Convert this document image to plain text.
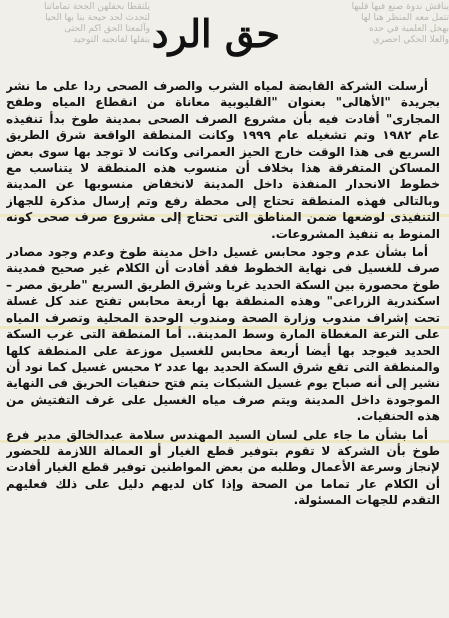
يلتقطا بحفلهن الجحة تماماتنا
لتحدث لحد حيحة بنا بها الحيا
وآلمعتا الحق اكم الحتى
بنقلها لفانجبه التوحيد
يناقش ندوة صنع فيها قليها
تتمل معه المنظر هنا لها
بهخل العلمية في حده
والعلا الحكي احصري
حق الرد

أرسلت الشركة القابضة لمياه الشرب والصرف الصحى ردا على ما نشر بجريدة "الأهالى" بعنوان "القليوبية معاناة من انقطاع المياه وطفح المجارى" أفادت فيه بأن مشروع الصرف الصحى بمدينة طوخ بدأ تنفيذه عام ١٩٨٢ وتم تشغيله عام ١٩٩٩ وكانت المنطقة الواقعة شرق الطريق السريع فى هذا الوقت خارج الحيز العمرانى وكانت لا توجد بها سوى بعض المساكن المتفرقة هذا بخلاف أن منسوب هذه المنطقة لا يتناسب مع خطوط الانحدار المنفذة داخل المدينة لانخفاض منسوبها عن المدينة وبالتالى فهذه المنطقة تحتاج إلى محطة رفع وتم إرسال مذكرة للجهاز التنفيذى لوضعها ضمن المناطق التى تحتاج إلى مشروع صرف صحى كونه المنوط به تنفيذ المشروعات.

أما بشأن عدم وجود محابس غسيل داخل مدينة طوخ وعدم وجود مصادر صرف للغسيل فى نهاية الخطوط فقد أفادت أن الكلام غير صحيح فمدينة طوخ محصورة بين السكة الحديد غربا وشرق الطريق السريع "طريق مصر – اسكندرية الزراعى" وهذه المنطقة بها أربعة محابس تفتح عند كل غسلة تحت إشراف مندوب وزارة الصحة ومندوب الوحدة المحلية وتصرف المياه على الترعة المغطاة المارة وسط المدينة.. أما المنطقة التى غرب السكة الحديد فيوجد بها أيضا أربعة محابس للغسيل موزعة على المنطقة كلها والمنطقة التى تقع شرق السكة الحديد بها عدد ٢ محبس غسيل كما نود أن نشير إلى أنه صباح يوم غسيل الشبكات يتم فتح حنفيات الحريق فى النهاية الموجودة داخل المدينة ويتم صرف مياه الغسيل على غرف التفتيش من هذه الحنفيات.

أما بشأن ما جاء على لسان السيد المهندس سلامة عبدالخالق مدير فرع طوخ بأن الشركة لا تقوم بتوفير قطع الغيار أو العمالة اللازمة للحضور لإنجاز وسرعة الأعمال وطلبه من بعض المواطنين توفير قطع الغيار أفادت أن الكلام عار تماما من الصحة وإذا كان لديهم دليل على ذلك فعليهم التقدم للجهات المسئولة.
